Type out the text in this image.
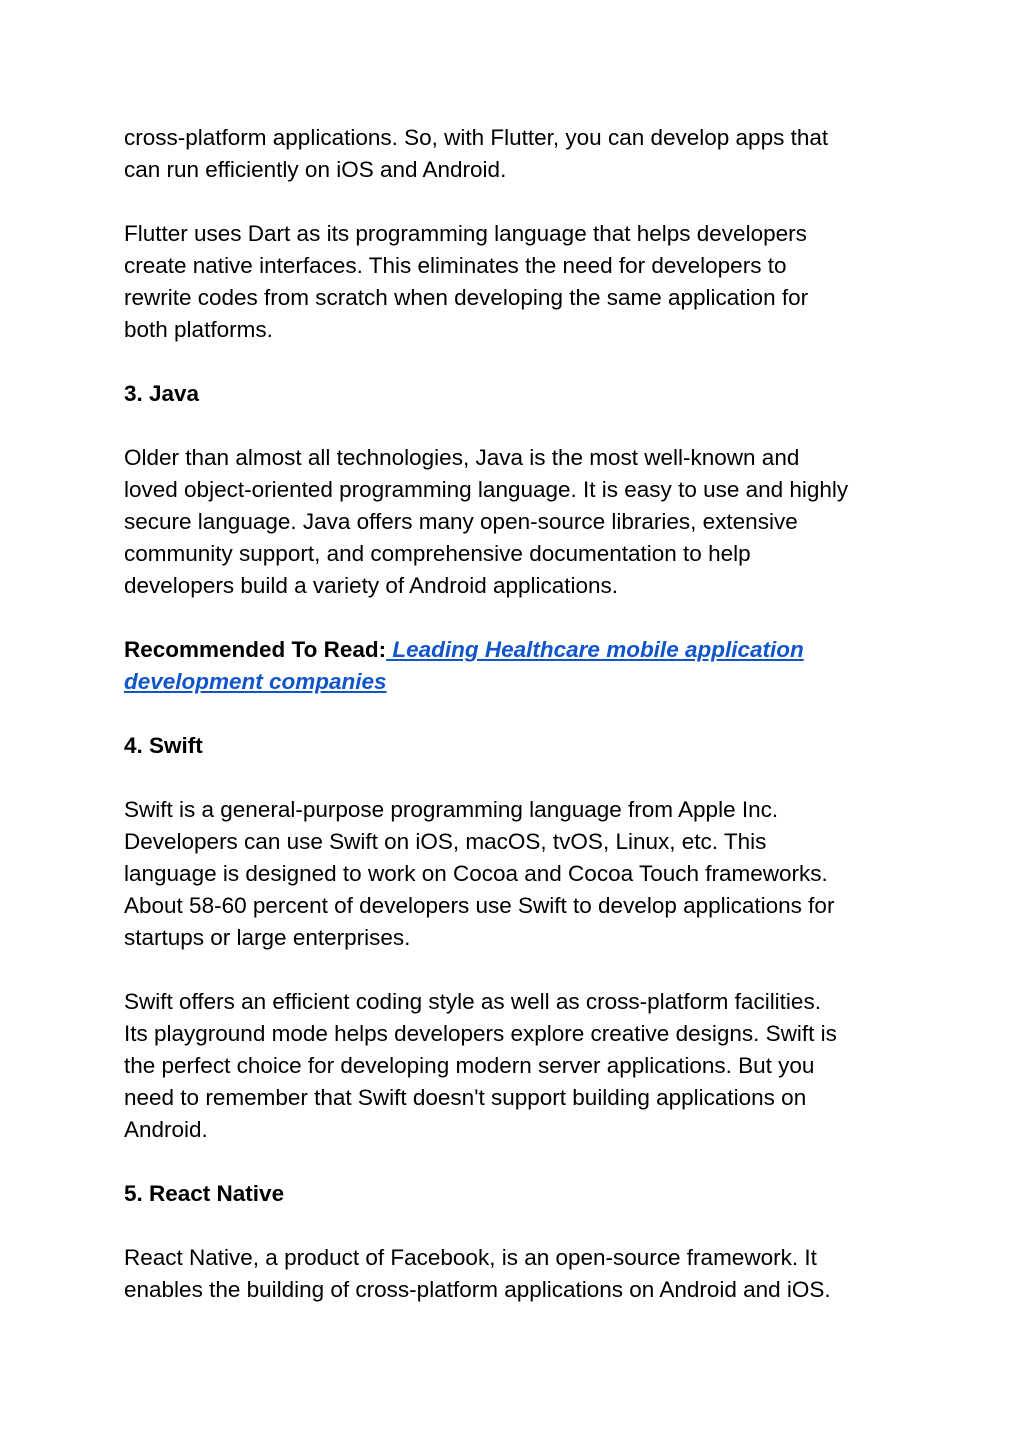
cross-platform applications. So, with Flutter, you can develop apps that
can run efficiently on iOS and Android.

Flutter uses Dart as its programming language that helps developers
create native interfaces. This eliminates the need for developers to
rewrite codes from scratch when developing the same application for
both platforms.

3. Java

Older than almost all technologies, Java is the most well-known and
loved object-oriented programming language. It is easy to use and highly
secure language. Java offers many open-source libraries, extensive
community support, and comprehensive documentation to help
developers build a variety of Android applications.

Recommended To Read: Leading Healthcare mobile application
development companies

4. Swift

Swift is a general-purpose programming language from Apple Inc.
Developers can use Swift on iOS, macOS, tvOS, Linux, etc. This
language is designed to work on Cocoa and Cocoa Touch frameworks.
About 58-60 percent of developers use Swift to develop applications for
startups or large enterprises.

Swift offers an efficient coding style as well as cross-platform facilities.
Its playground mode helps developers explore creative designs. Swift is
the perfect choice for developing modern server applications. But you
need to remember that Swift doesn't support building applications on
Android.

5. React Native

React Native, a product of Facebook, is an open-source framework. It
enables the building of cross-platform applications on Android and iOS.
